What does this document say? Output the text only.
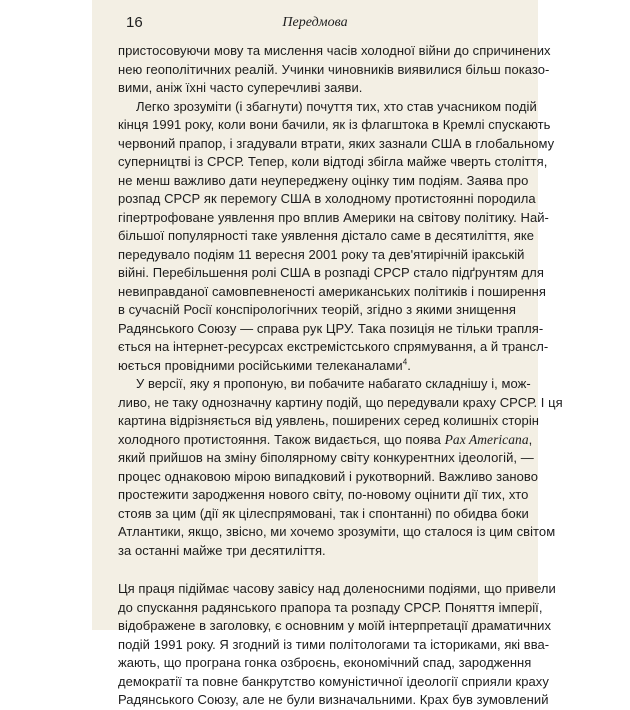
16	Передмова
пристосовуючи мову та мислення часів холодної війни до спричинених
нею геополітичних реалій. Учинки чиновників виявилися більш показо-
вими, аніж їхні часто суперечливі заяви.
Легко зрозуміти (і збагнути) почуття тих, хто став учасником подій
кінця 1991 року, коли вони бачили, як із флагштока в Кремлі спускають
червоний прапор, і згадували втрати, яких зазнали США в глобальному
суперництві із СРСР. Тепер, коли відтоді збігла майже чверть століття,
не менш важливо дати неупереджену оцінку тим подіям. Заява про
розпад СРСР як перемогу США в холодному протистоянні породила
гіпертрофоване уявлення про вплив Америки на світову політику. Най-
більшої популярності таке уявлення дістало саме в десятиліття, яке
передувало подіям 11 вересня 2001 року та дев'ятирічній іракській
війні. Перебільшення ролі США в розпаді СРСР стало підґрунтям для
невиправданої самовпевненості американських політиків і поширення
в сучасній Росії конспірологічних теорій, згідно з якими знищення
Радянського Союзу — справа рук ЦРУ. Така позиція не тільки трапля-
ється на інтернет-ресурсах екстремістського спрямування, а й трансл-
юється провідними російськими телеканалами$^4$.
У версії, яку я пропоную, ви побачите набагато складнішу і, мож-
ливо, не таку однозначну картину подій, що передували краху СРСР. І ця
картина відрізняється від уявлень, поширених серед колишніх сторін
холодного протистояння. Також видається, що поява Pax Americana,
який прийшов на зміну біполярному світу конкурентних ідеологій, —
процес однаковою мірою випадковий і рукотворний. Важливо заново
простежити зародження нового світу, по-новому оцінити дії тих, хто
стояв за цим (дії як цілеспрямовані, так і спонтанні) по обидва боки
Атлантики, якщо, звісно, ми хочемо зрозуміти, що сталося із цим світом
за останні майже три десятиліття.
Ця праця підіймає часову завісу над доленосними подіями, що привели
до спускання радянського прапора та розпаду СРСР. Поняття імперії,
відображене в заголовку, є основним у моїй інтерпретації драматичних
подій 1991 року. Я згодний із тими політологами та істориками, які вва-
жають, що програна гонка озброєнь, економічний спад, зародження
демократії та повне банкрутство комуністичної ідеології сприяли краху
Радянського Союзу, але не були визначальними. Крах був зумовлений
